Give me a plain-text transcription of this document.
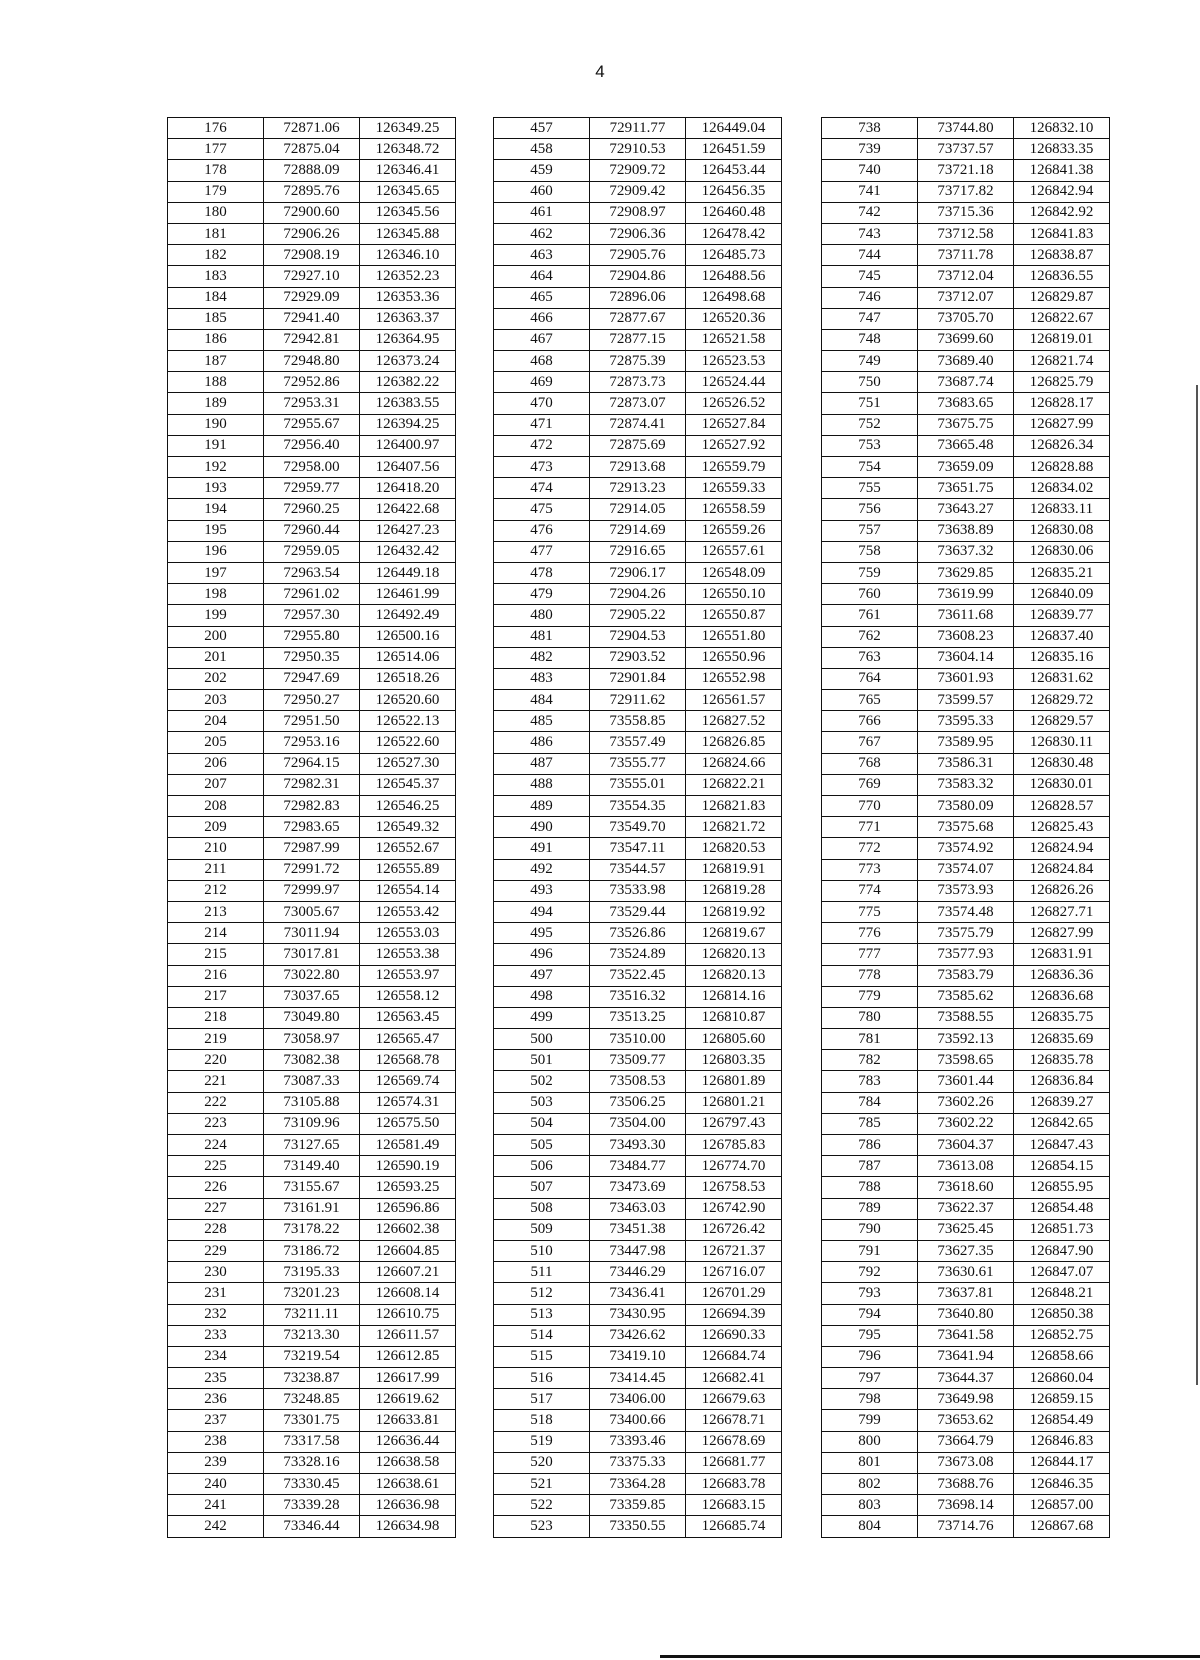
4
176	72871.06	126349.25
177	72875.04	126348.72
178	72888.09	126346.41
179	72895.76	126345.65
180	72900.60	126345.56
181	72906.26	126345.88
182	72908.19	126346.10
183	72927.10	126352.23
184	72929.09	126353.36
185	72941.40	126363.37
186	72942.81	126364.95
187	72948.80	126373.24
188	72952.86	126382.22
189	72953.31	126383.55
190	72955.67	126394.25
191	72956.40	126400.97
192	72958.00	126407.56
193	72959.77	126418.20
194	72960.25	126422.68
195	72960.44	126427.23
196	72959.05	126432.42
197	72963.54	126449.18
198	72961.02	126461.99
199	72957.30	126492.49
200	72955.80	126500.16
201	72950.35	126514.06
202	72947.69	126518.26
203	72950.27	126520.60
204	72951.50	126522.13
205	72953.16	126522.60
206	72964.15	126527.30
207	72982.31	126545.37
208	72982.83	126546.25
209	72983.65	126549.32
210	72987.99	126552.67
211	72991.72	126555.89
212	72999.97	126554.14
213	73005.67	126553.42
214	73011.94	126553.03
215	73017.81	126553.38
216	73022.80	126553.97
217	73037.65	126558.12
218	73049.80	126563.45
219	73058.97	126565.47
220	73082.38	126568.78
221	73087.33	126569.74
222	73105.88	126574.31
223	73109.96	126575.50
224	73127.65	126581.49
225	73149.40	126590.19
226	73155.67	126593.25
227	73161.91	126596.86
228	73178.22	126602.38
229	73186.72	126604.85
230	73195.33	126607.21
231	73201.23	126608.14
232	73211.11	126610.75
233	73213.30	126611.57
234	73219.54	126612.85
235	73238.87	126617.99
236	73248.85	126619.62
237	73301.75	126633.81
238	73317.58	126636.44
239	73328.16	126638.58
240	73330.45	126638.61
241	73339.28	126636.98
242	73346.44	126634.98
457	72911.77	126449.04
458	72910.53	126451.59
459	72909.72	126453.44
460	72909.42	126456.35
461	72908.97	126460.48
462	72906.36	126478.42
463	72905.76	126485.73
464	72904.86	126488.56
465	72896.06	126498.68
466	72877.67	126520.36
467	72877.15	126521.58
468	72875.39	126523.53
469	72873.73	126524.44
470	72873.07	126526.52
471	72874.41	126527.84
472	72875.69	126527.92
473	72913.68	126559.79
474	72913.23	126559.33
475	72914.05	126558.59
476	72914.69	126559.26
477	72916.65	126557.61
478	72906.17	126548.09
479	72904.26	126550.10
480	72905.22	126550.87
481	72904.53	126551.80
482	72903.52	126550.96
483	72901.84	126552.98
484	72911.62	126561.57
485	73558.85	126827.52
486	73557.49	126826.85
487	73555.77	126824.66
488	73555.01	126822.21
489	73554.35	126821.83
490	73549.70	126821.72
491	73547.11	126820.53
492	73544.57	126819.91
493	73533.98	126819.28
494	73529.44	126819.92
495	73526.86	126819.67
496	73524.89	126820.13
497	73522.45	126820.13
498	73516.32	126814.16
499	73513.25	126810.87
500	73510.00	126805.60
501	73509.77	126803.35
502	73508.53	126801.89
503	73506.25	126801.21
504	73504.00	126797.43
505	73493.30	126785.83
506	73484.77	126774.70
507	73473.69	126758.53
508	73463.03	126742.90
509	73451.38	126726.42
510	73447.98	126721.37
511	73446.29	126716.07
512	73436.41	126701.29
513	73430.95	126694.39
514	73426.62	126690.33
515	73419.10	126684.74
516	73414.45	126682.41
517	73406.00	126679.63
518	73400.66	126678.71
519	73393.46	126678.69
520	73375.33	126681.77
521	73364.28	126683.78
522	73359.85	126683.15
523	73350.55	126685.74
738	73744.80	126832.10
739	73737.57	126833.35
740	73721.18	126841.38
741	73717.82	126842.94
742	73715.36	126842.92
743	73712.58	126841.83
744	73711.78	126838.87
745	73712.04	126836.55
746	73712.07	126829.87
747	73705.70	126822.67
748	73699.60	126819.01
749	73689.40	126821.74
750	73687.74	126825.79
751	73683.65	126828.17
752	73675.75	126827.99
753	73665.48	126826.34
754	73659.09	126828.88
755	73651.75	126834.02
756	73643.27	126833.11
757	73638.89	126830.08
758	73637.32	126830.06
759	73629.85	126835.21
760	73619.99	126840.09
761	73611.68	126839.77
762	73608.23	126837.40
763	73604.14	126835.16
764	73601.93	126831.62
765	73599.57	126829.72
766	73595.33	126829.57
767	73589.95	126830.11
768	73586.31	126830.48
769	73583.32	126830.01
770	73580.09	126828.57
771	73575.68	126825.43
772	73574.92	126824.94
773	73574.07	126824.84
774	73573.93	126826.26
775	73574.48	126827.71
776	73575.79	126827.99
777	73577.93	126831.91
778	73583.79	126836.36
779	73585.62	126836.68
780	73588.55	126835.75
781	73592.13	126835.69
782	73598.65	126835.78
783	73601.44	126836.84
784	73602.26	126839.27
785	73602.22	126842.65
786	73604.37	126847.43
787	73613.08	126854.15
788	73618.60	126855.95
789	73622.37	126854.48
790	73625.45	126851.73
791	73627.35	126847.90
792	73630.61	126847.07
793	73637.81	126848.21
794	73640.80	126850.38
795	73641.58	126852.75
796	73641.94	126858.66
797	73644.37	126860.04
798	73649.98	126859.15
799	73653.62	126854.49
800	73664.79	126846.83
801	73673.08	126844.17
802	73688.76	126846.35
803	73698.14	126857.00
804	73714.76	126867.68
